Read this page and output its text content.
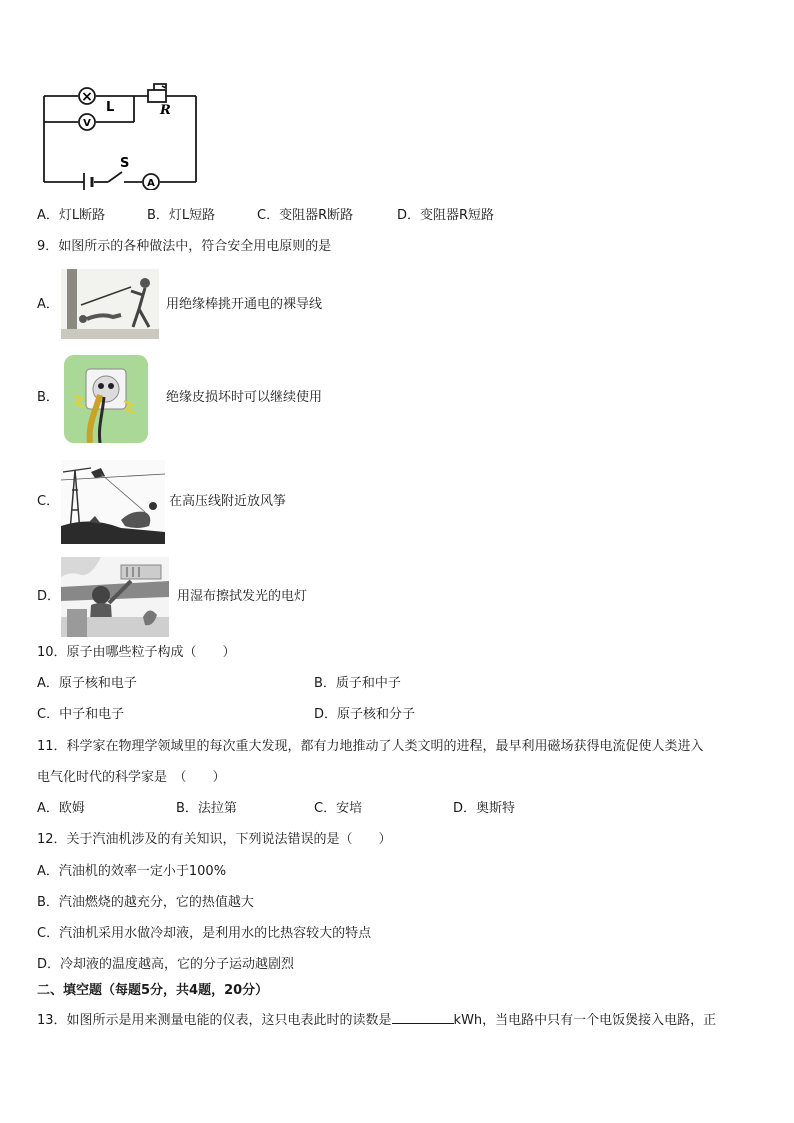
×
V
A
L	R
S
A．灯L断路	B．灯L短路	C．变阻器R断路	D．变阻器R短路
9．如图所示的各种做法中，符合安全用电原则的是
A．	用绝缘棒挑开通电的裸导线
B．	绝缘皮损坏时可以继续使用
C．	在高压线附近放风筝
D．	用湿布擦拭发光的电灯
10．原子由哪些粒子构成（　　）
A．原子核和电子	B．质子和中子
C．中子和电子	D．原子核和分子
11．科学家在物理学领域里的每次重大发现，都有力地推动了人类文明的进程，最早利用磁场获得电流促使人类进入
电气化时代的科学家是　（　　）
A．欧姆	B．法拉第	C．安培	D．奥斯特
12．关于汽油机涉及的有关知识，下列说法错误的是（　　）
A．汽油机的效率一定小于100%
B．汽油燃烧的越充分，它的热值越大
C．汽油机采用水做冷却液，是利用水的比热容较大的特点
D．冷却液的温度越高，它的分子运动越剧烈
二、填空题（每题5分，共4题，20分）
13．如图所示是用来测量电能的仪表，这只电表此时的读数是	kWh，当电路中只有一个电饭煲接入电路，正
